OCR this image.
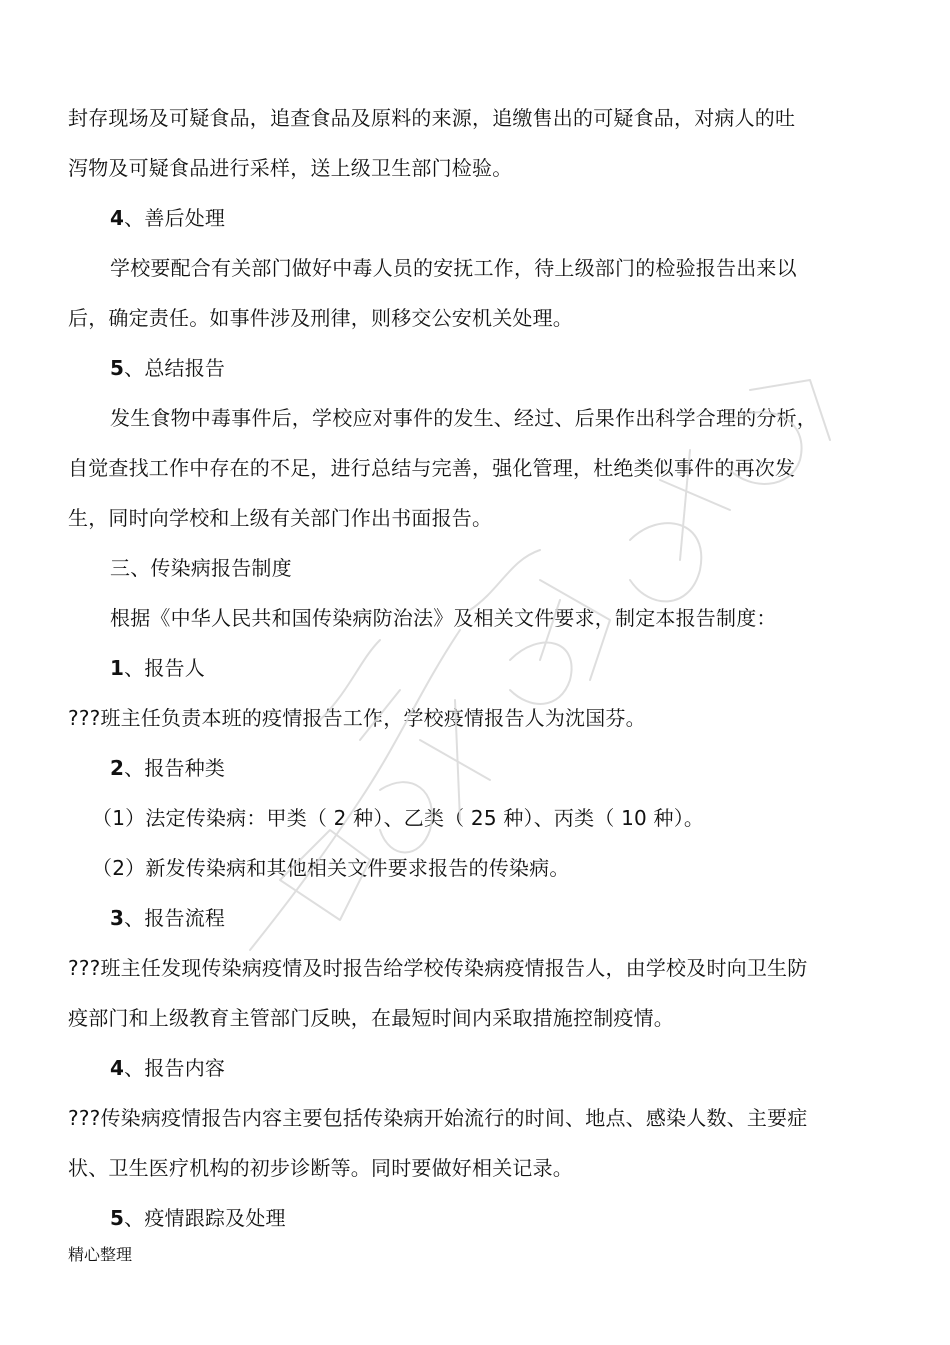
封存现场及可疑食品，追查食品及原料的来源，追缴售出的可疑食品，对病人的吐
泻物及可疑食品进行采样，送上级卫生部门检验。
4、善后处理
学校要配合有关部门做好中毒人员的安抚工作，待上级部门的检验报告出来以
后，确定责任。如事件涉及刑律，则移交公安机关处理。
5、总结报告
发生食物中毒事件后，学校应对事件的发生、经过、后果作出科学合理的分析，
自觉查找工作中存在的不足，进行总结与完善，强化管理，杜绝类似事件的再次发
生，同时向学校和上级有关部门作出书面报告。
三、传染病报告制度
根据《中华人民共和国传染病防治法》及相关文件要求，制定本报告制度：
1、报告人
???班主任负责本班的疫情报告工作，学校疫情报告人为沈国芬。
2、报告种类
（1）法定传染病：甲类（ 2 种）、乙类（ 25 种）、丙类（ 10 种）。
（2）新发传染病和其他相关文件要求报告的传染病。
3、报告流程
???班主任发现传染病疫情及时报告给学校传染病疫情报告人，由学校及时向卫生防
疫部门和上级教育主管部门反映，在最短时间内采取措施控制疫情。
4、报告内容
???传染病疫情报告内容主要包括传染病开始流行的时间、地点、感染人数、主要症
状、卫生医疗机构的初步诊断等。同时要做好相关记录。
5、疫情跟踪及处理
精心整理
